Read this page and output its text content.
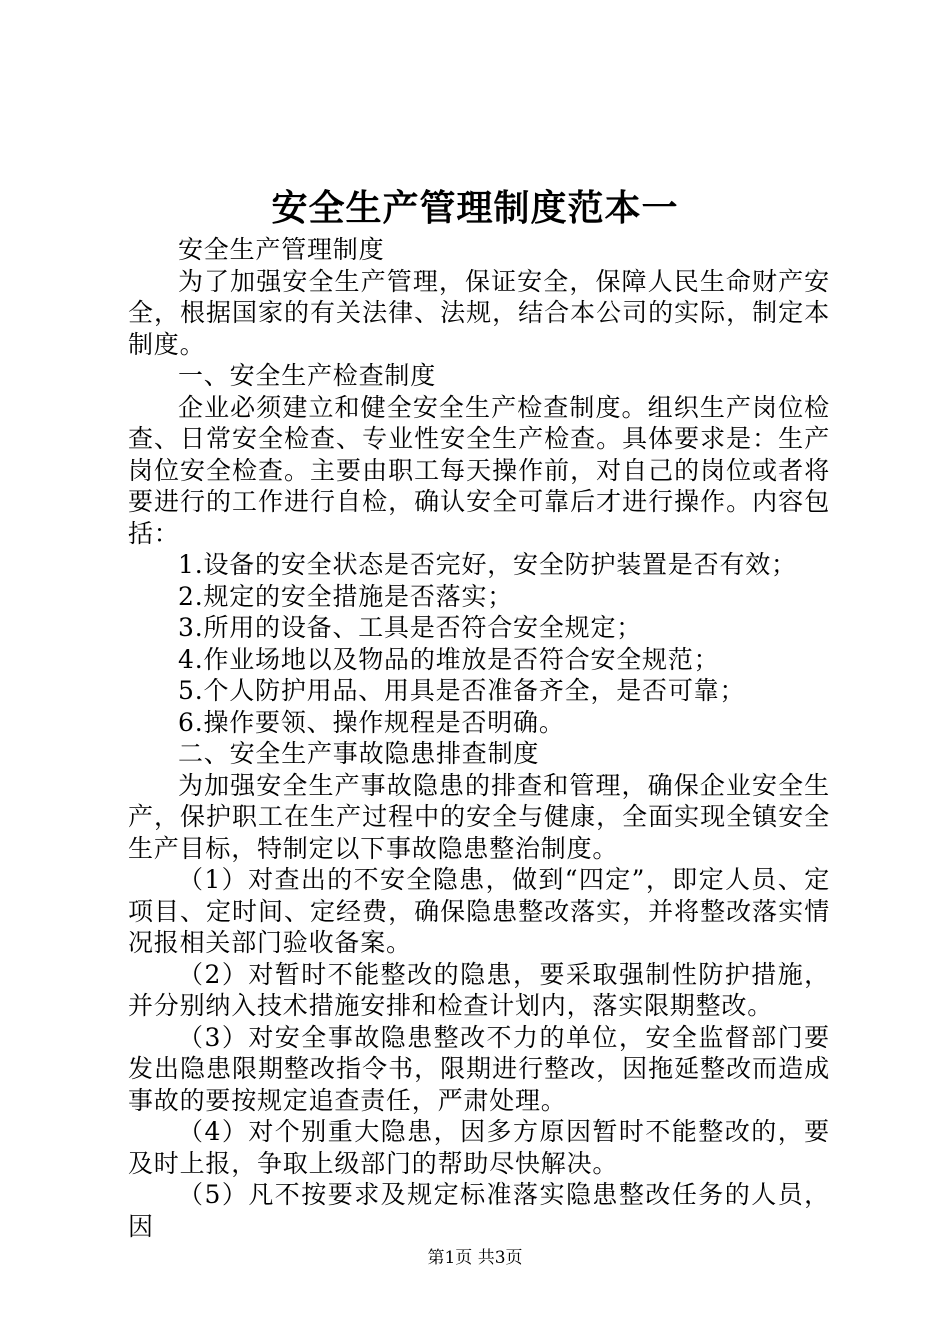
安全生产管理制度范本一

安全生产管理制度

为了加强安全生产管理，保证安全，保障人民生命财产安全，根据国家的有关法律、法规，结合本公司的实际，制定本制度。

一、安全生产检查制度

企业必须建立和健全安全生产检查制度。组织生产岗位检查、日常安全检查、专业性安全生产检查。具体要求是：生产岗位安全检查。主要由职工每天操作前，对自己的岗位或者将要进行的工作进行自检，确认安全可靠后才进行操作。内容包括：

1.设备的安全状态是否完好，安全防护装置是否有效；

2.规定的安全措施是否落实；

3.所用的设备、工具是否符合安全规定；

4.作业场地以及物品的堆放是否符合安全规范；

5.个人防护用品、用具是否准备齐全，是否可靠；

6.操作要领、操作规程是否明确。

二、安全生产事故隐患排查制度

为加强安全生产事故隐患的排查和管理，确保企业安全生产，保护职工在生产过程中的安全与健康，全面实现全镇安全生产目标，特制定以下事故隐患整治制度。

（1）对查出的不安全隐患，做到“四定”，即定人员、定项目、定时间、定经费，确保隐患整改落实，并将整改落实情况报相关部门验收备案。

（2）对暂时不能整改的隐患，要采取强制性防护措施，并分别纳入技术措施安排和检查计划内，落实限期整改。

（3）对安全事故隐患整改不力的单位，安全监督部门要发出隐患限期整改指令书，限期进行整改，因拖延整改而造成事故的要按规定追查责任，严肃处理。

（4）对个别重大隐患，因多方原因暂时不能整改的，要及时上报，争取上级部门的帮助尽快解决。

（5）凡不按要求及规定标准落实隐患整改任务的人员，因

第1页 共3页
